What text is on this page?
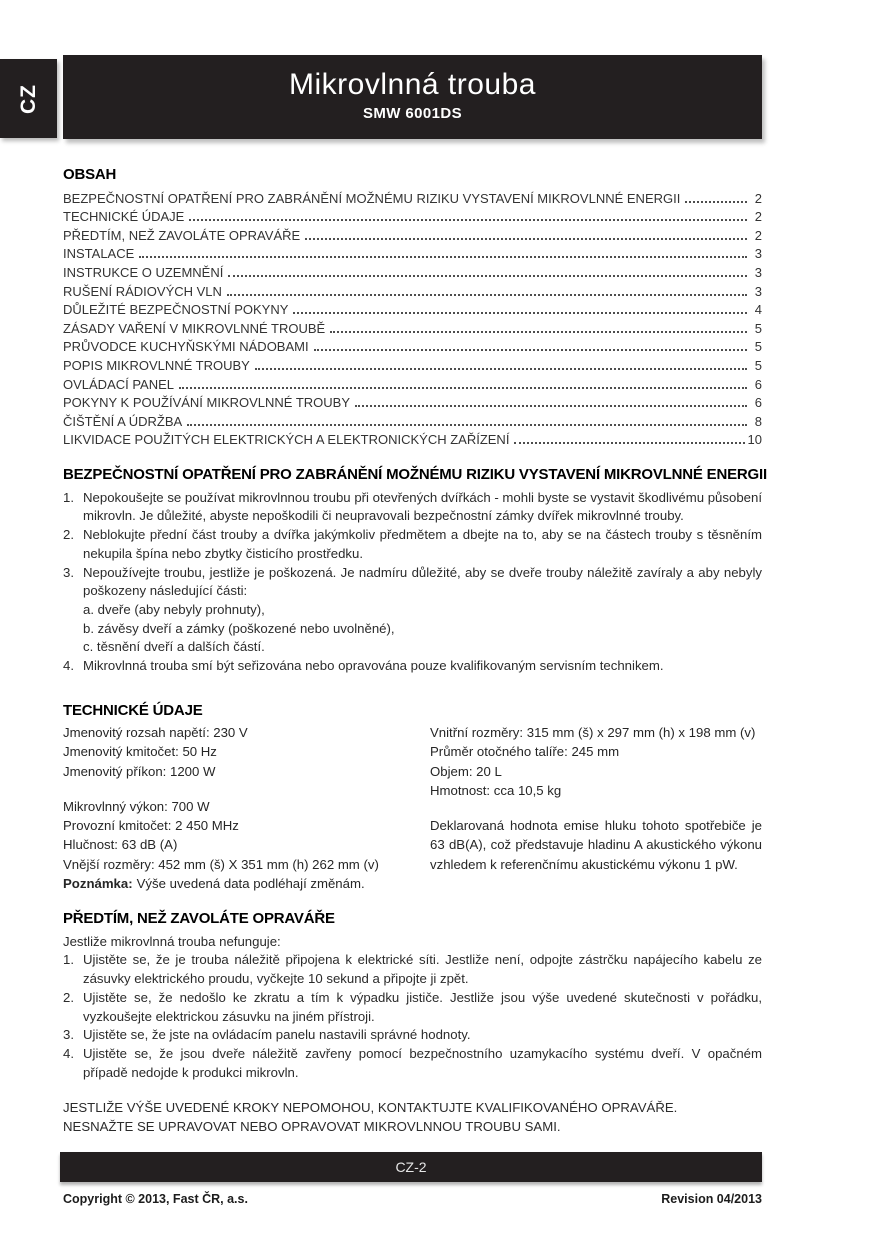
CZ	Mikrovlnná trouba
SMW 6001DS
OBSAH
BEZPEČNOSTNÍ OPATŘENÍ PRO ZABRÁNĚNÍ MOŽNÉMU RIZIKU VYSTAVENÍ MIKROVLNNÉ ENERGII	2
TECHNICKÉ ÚDAJE	2
PŘEDTÍM, NEŽ ZAVOLÁTE OPRAVÁŘE	2
INSTALACE	3
INSTRUKCE O UZEMNĚNÍ	3
RUŠENÍ RÁDIOVÝCH VLN	3
DŮLEŽITÉ BEZPEČNOSTNÍ POKYNY	4
ZÁSADY VAŘENÍ V MIKROVLNNÉ TROUBĚ	5
PRŮVODCE KUCHYŇSKÝMI NÁDOBAMI	5
POPIS MIKROVLNNÉ TROUBY	5
OVLÁDACÍ PANEL	6
POKYNY K POUŽÍVÁNÍ MIKROVLNNÉ TROUBY	6
ČIŠTĚNÍ A ÚDRŽBA	8
LIKVIDACE POUŽITÝCH ELEKTRICKÝCH A ELEKTRONICKÝCH ZAŘÍZENÍ	10
BEZPEČNOSTNÍ OPATŘENÍ PRO ZABRÁNĚNÍ MOŽNÉMU RIZIKU VYSTAVENÍ MIKROVLNNÉ ENERGII
1. Nepokoušejte se používat mikrovlnnou troubu při otevřených dvířkách - mohli byste se vystavit škodlivému působení mikrovln. Je důležité, abyste nepoškodili či neupravovali bezpečnostní zámky dvířek mikrovlnné trouby.
2. Neblokujte přední část trouby a dvířka jakýmkoliv předmětem a dbejte na to, aby se na částech trouby s těsněním nekupila špína nebo zbytky čisticího prostředku.
3. Nepoužívejte troubu, jestliže je poškozená. Je nadmíru důležité, aby se dveře trouby náležitě zavíraly a aby nebyly poškozeny následující části:
a. dveře (aby nebyly prohnuty),
b. závěsy dveří a zámky (poškozené nebo uvolněné),
c. těsnění dveří a dalších částí.
4. Mikrovlnná trouba smí být seřizována nebo opravována pouze kvalifikovaným servisním technikem.
TECHNICKÉ ÚDAJE
Jmenovitý rozsah napětí: 230 V
Jmenovitý kmitočet: 50 Hz
Jmenovitý příkon: 1200 W
Mikrovlnný výkon: 700 W
Provozní kmitočet: 2 450 MHz
Hlučnost: 63 dB (A)
Vnější rozměry: 452 mm (š) X 351 mm (h) 262 mm (v)
Poznámka: Výše uvedená data podléhají změnám.
Vnitřní rozměry: 315 mm (š) x 297 mm (h) x 198 mm (v)
Průměr otočného talíře: 245 mm
Objem: 20 L
Hmotnost: cca 10,5 kg
Deklarovaná hodnota emise hluku tohoto spotřebiče je 63 dB(A), což představuje hladinu A akustického výkonu vzhledem k referenčnímu akustickému výkonu 1 pW.
PŘEDTÍM, NEŽ ZAVOLÁTE OPRAVÁŘE
Jestliže mikrovlnná trouba nefunguje:
1. Ujistěte se, že je trouba náležitě připojena k elektrické síti. Jestliže není, odpojte zástrčku napájecího kabelu ze zásuvky elektrického proudu, vyčkejte 10 sekund a připojte ji zpět.
2. Ujistěte se, že nedošlo ke zkratu a tím k výpadku jističe. Jestliže jsou výše uvedené skutečnosti v pořádku, vyzkoušejte elektrickou zásuvku na jiném přístroji.
3. Ujistěte se, že jste na ovládacím panelu nastavili správné hodnoty.
4. Ujistěte se, že jsou dveře náležitě zavřeny pomocí bezpečnostního uzamykacího systému dveří. V opačném případě nedojde k produkci mikrovln.
JESTLIŽE VÝŠE UVEDENÉ KROKY NEPOMOHOU, KONTAKTUJTE KVALIFIKOVANÉHO OPRAVÁŘE.
NESNAŽTE SE UPRAVOVAT NEBO OPRAVOVAT MIKROVLNNOU TROUBU SAMI.
CZ-2
Copyright © 2013, Fast ČR, a.s.	Revision 04/2013
